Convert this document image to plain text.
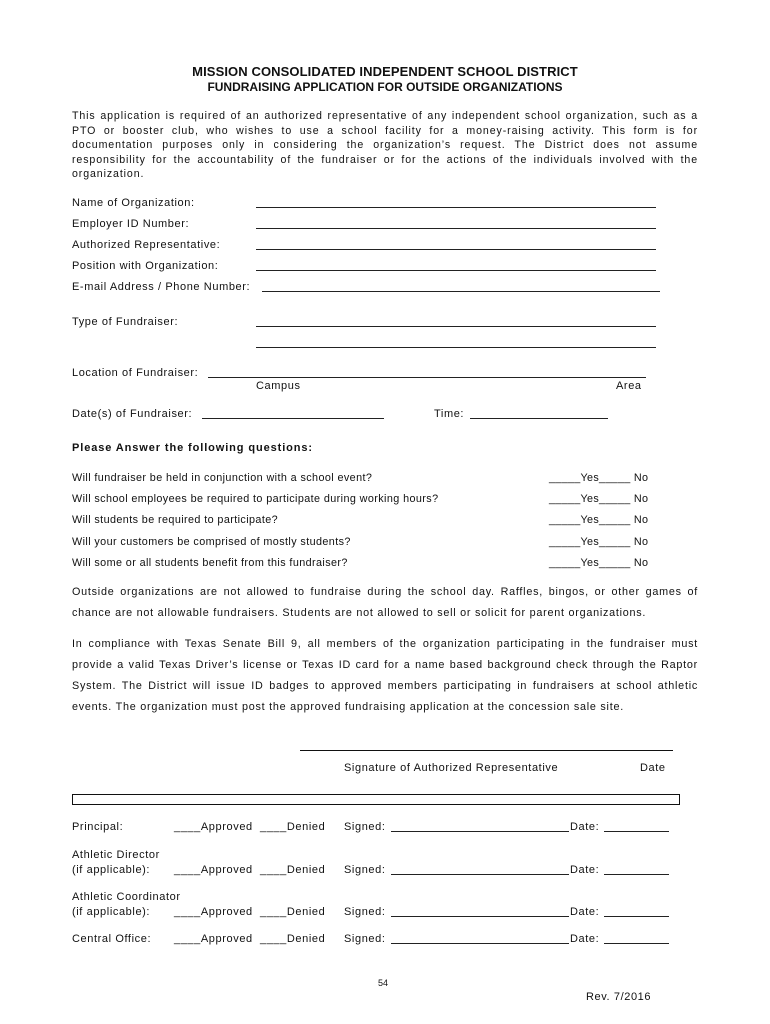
MISSION CONSOLIDATED INDEPENDENT SCHOOL DISTRICT
FUNDRAISING APPLICATION FOR OUTSIDE ORGANIZATIONS
This application is required of an authorized representative of any independent school organization, such as a PTO or booster club, who wishes to use a school facility for a money-raising activity. This form is for documentation purposes only in considering the organization’s request. The District does not assume responsibility for the accountability of the fundraiser or for the actions of the individuals involved with the organization.
Name of Organization:
Employer ID Number:
Authorized Representative:
Position with Organization:
E-mail Address / Phone Number:
Type of Fundraiser:
Location of Fundraiser:
Campus	Area
Date(s) of Fundraiser:	Time:
Please Answer the following questions:
Will fundraiser be held in conjunction with a school event?	_____Yes_____ No
Will school employees be required to participate during working hours?	_____Yes_____ No
Will students be required to participate?	_____Yes_____ No
Will your customers be comprised of mostly students?	_____Yes_____ No
Will some or all students benefit from this fundraiser?	_____Yes_____ No
Outside organizations are not allowed to fundraise during the school day. Raffles, bingos, or other games of chance are not allowable fundraisers. Students are not allowed to sell or solicit for parent organizations.
In compliance with Texas Senate Bill 9, all members of the organization participating in the fundraiser must provide a valid Texas Driver’s license or Texas ID card for a name based background check through the Raptor System. The District will issue ID badges to approved members participating in fundraisers at school athletic events. The organization must post the approved fundraising application at the concession sale site.
Signature of Authorized Representative	Date
Principal:	____Approved ____Denied Signed:	Date:
Athletic Director
(if applicable): ____Approved ____Denied Signed:	Date:
Athletic Coordinator
(if applicable): ____Approved ____Denied Signed:	Date:
Central Office: ____Approved ____Denied Signed:	Date:
54
Rev. 7/2016
